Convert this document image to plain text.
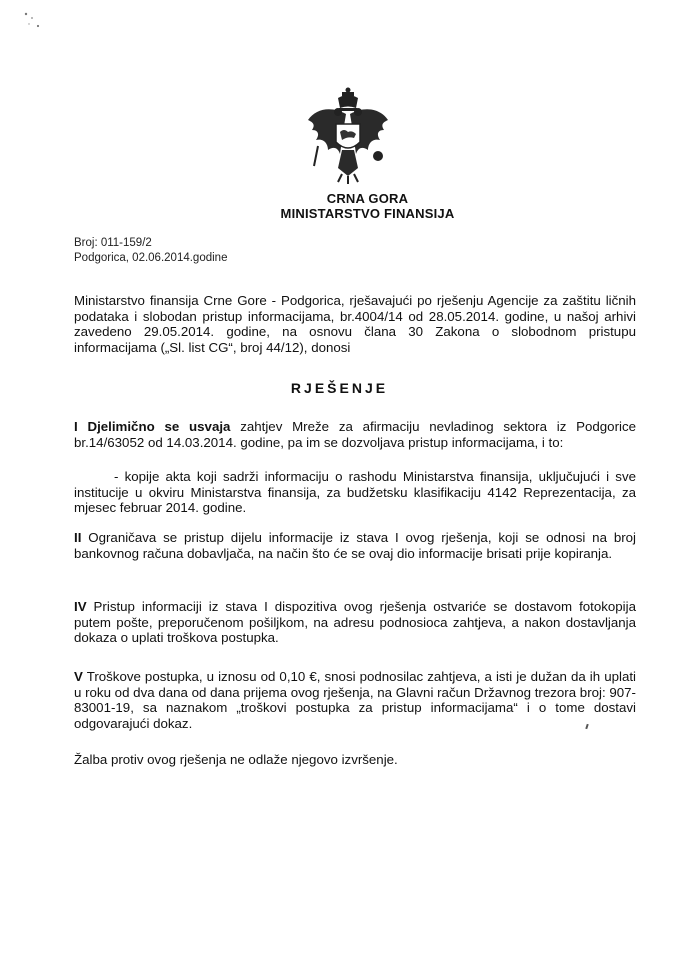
CRNA GORA
MINISTARSTVO FINANSIJA
Broj: 011-159/2
Podgorica, 02.06.2014.godine
Ministarstvo finansija Crne Gore - Podgorica, rješavajući po rješenju Agencije za zaštitu ličnih podataka i slobodan pristup informacijama, br.4004/14 od 28.05.2014. godine, u našoj arhivi zavedeno 29.05.2014. godine, na osnovu člana 30 Zakona o slobodnom pristupu informacijama („Sl. list CG“, broj 44/12), donosi
RJEŠENJE
I Djelimično se usvaja zahtjev Mreže za afirmaciju nevladinog sektora iz Podgorice br.14/63052 od 14.03.2014. godine, pa im se dozvoljava pristup informacijama, i to:
- kopije akta koji sadrži informaciju o rashodu Ministarstva finansija, uključujući i sve institucije u okviru Ministarstva finansija, za budžetsku klasifikaciju 4142 Reprezentacija, za mjesec februar 2014. godine.
II Ograničava se pristup dijelu informacije iz stava I ovog rješenja, koji se odnosi na broj bankovnog računa dobavljača, na način što će se ovaj dio informacije brisati prije kopiranja.
IV Pristup informaciji iz stava I dispozitiva ovog rješenja ostvariće se dostavom fotokopija putem pošte, preporučenom pošiljkom, na adresu podnosioca zahtjeva, a nakon dostavljanja dokaza o uplati troškova postupka.
V Troškove postupka, u iznosu od 0,10 €, snosi podnosilac zahtjeva, a isti je dužan da ih uplati u roku od dva dana od dana prijema ovog rješenja, na Glavni račun Državnog trezora broj: 907-83001-19, sa naznakom „troškovi postupka za pristup informacijama“ i o tome dostavi odgovarajući dokaz.
Žalba protiv ovog rješenja ne odlaže njegovo izvršenje.
